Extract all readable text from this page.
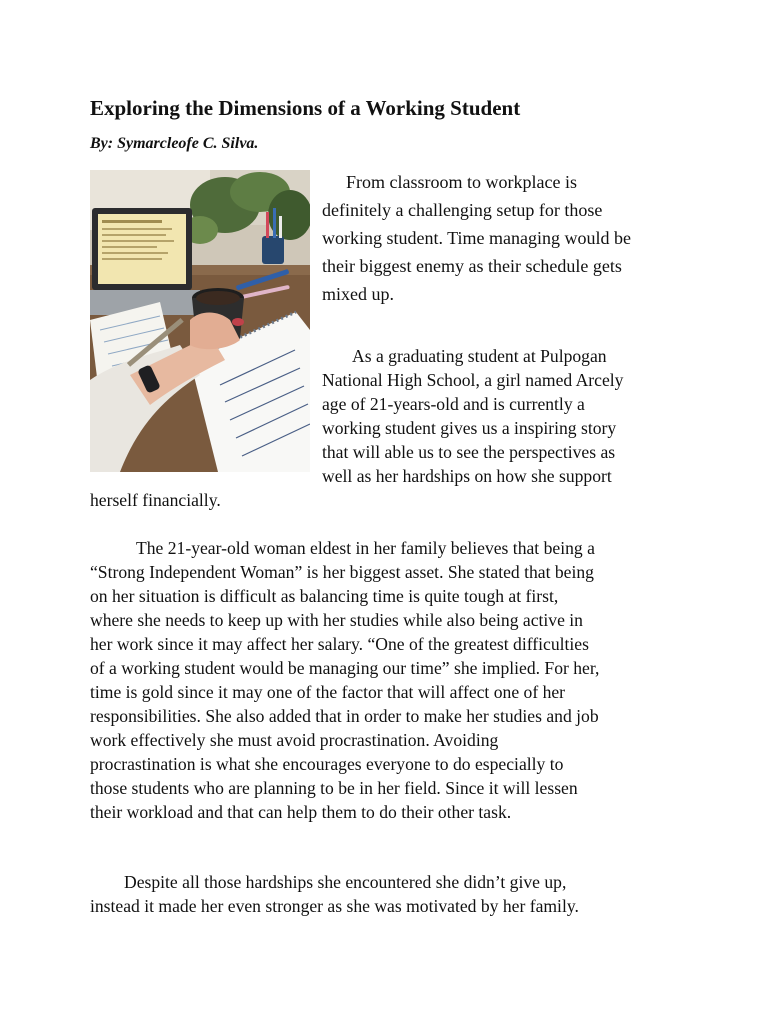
Exploring the Dimensions of a Working Student

By: Symarcleofe C. Silva.

From classroom to workplace is

definitely a challenging setup for those

working student. Time managing would be

their biggest enemy as their schedule gets

mixed up.

As a graduating student at Pulpogan

National High School, a girl named Arcely

age of 21-years-old and is currently a

working student gives us a inspiring story

that will able us to see the perspectives as

well as her hardships on how she support

herself financially.

The 21-year-old woman eldest in her family believes that being a

“Strong Independent Woman” is her biggest asset. She stated that being

on her situation is difficult as balancing time is quite tough at first,

where she needs to keep up with her studies while also being active in

her work since it may affect her salary. “One of the greatest difficulties

of a working student would be managing our time” she implied. For her,

time is gold since it may one of the factor that will affect one of her

responsibilities. She also added that in order to make her studies and job

work effectively she must avoid procrastination. Avoiding

procrastination is what she encourages everyone to do especially to

those students who are planning to be in her field. Since it will lessen

their workload and that can help them to do their other task.

Despite all those hardships she encountered she didn’t give up,

instead it made her even stronger as she was motivated by her family.
